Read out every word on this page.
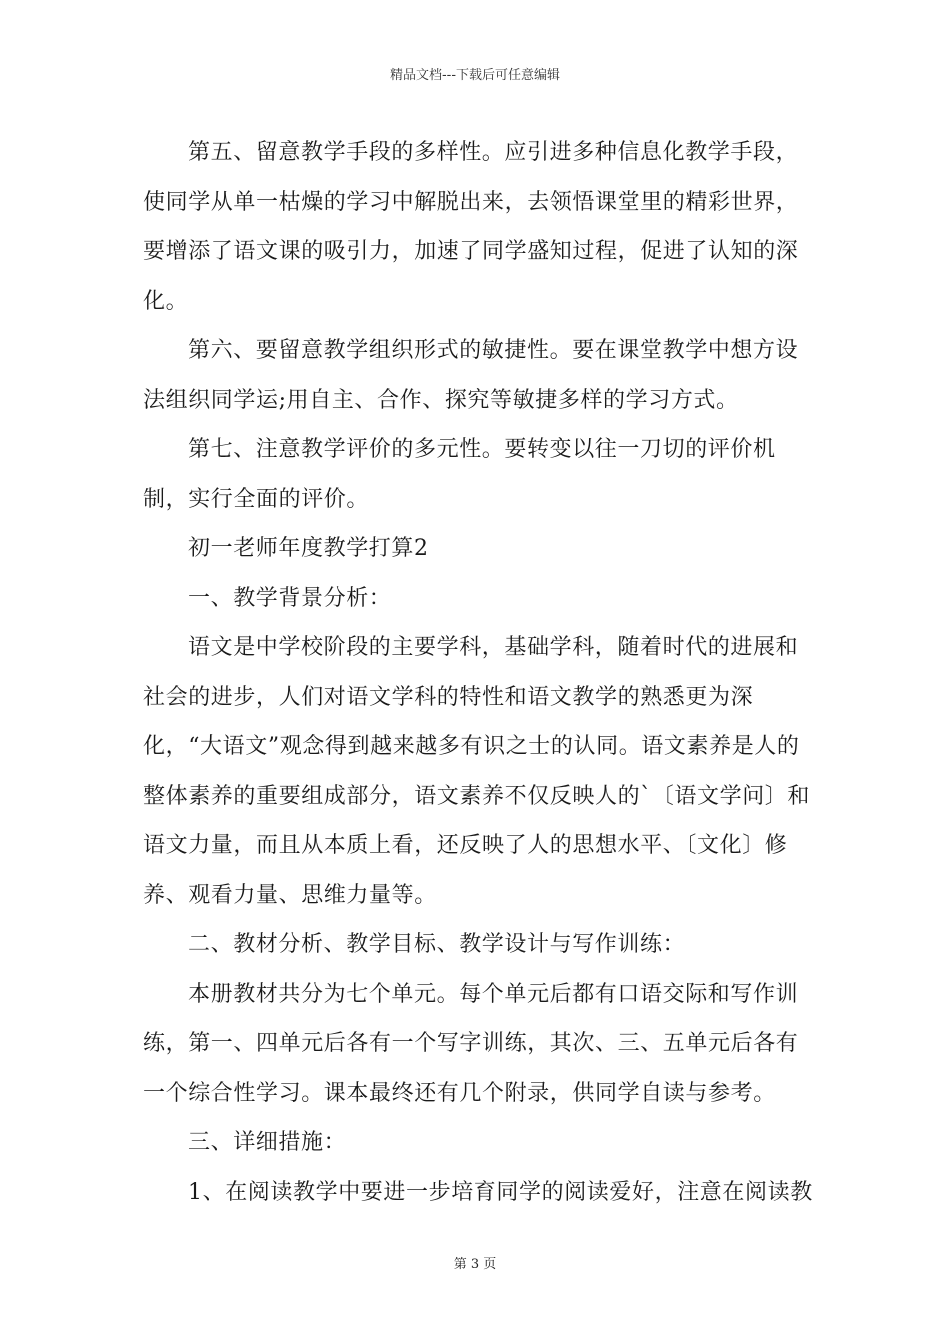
精品文档---下载后可任意编辑

第五、留意教学手段的多样性。应引进多种信息化教学手段，使同学从单一枯燥的学习中解脱出来，去领悟课堂里的精彩世界，要增添了语文课的吸引力，加速了同学盛知过程，促进了认知的深化。

第六、要留意教学组织形式的敏捷性。要在课堂教学中想方设法组织同学运;用自主、合作、探究等敏捷多样的学习方式。

第七、注意教学评价的多元性。要转变以往一刀切的评价机制，实行全面的评价。

初一老师年度教学打算2

一、教学背景分析：

语文是中学校阶段的主要学科，基础学科，随着时代的进展和社会的进步，人们对语文学科的特性和语文教学的熟悉更为深化，“大语文”观念得到越来越多有识之士的认同。语文素养是人的整体素养的重要组成部分，语文素养不仅反映人的`〔语文学问〕和语文力量，而且从本质上看，还反映了人的思想水平、〔文化〕修养、观看力量、思维力量等。

二、教材分析、教学目标、教学设计与写作训练：

本册教材共分为七个单元。每个单元后都有口语交际和写作训练，第一、四单元后各有一个写字训练，其次、三、五单元后各有一个综合性学习。课本最终还有几个附录，供同学自读与参考。

三、详细措施：

1、在阅读教学中要进一步培育同学的阅读爱好，注意在阅读教

第 3 页
